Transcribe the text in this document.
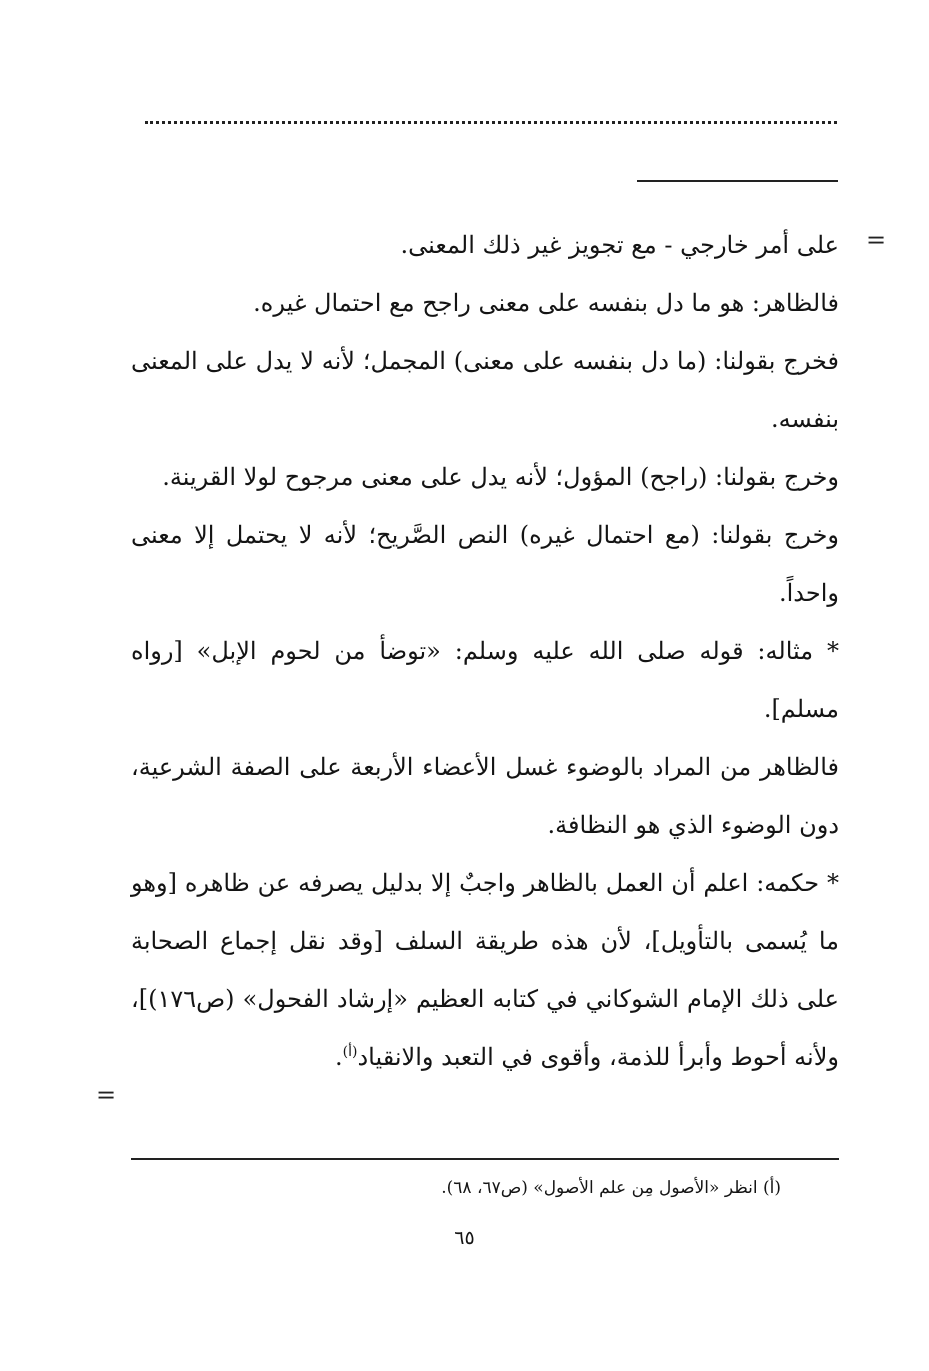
=

على أمر خارجي - مع تجويز غير ذلك المعنى.

فالظاهر: هو ما دل بنفسه على معنى راجح مع احتمال غيره.

فخرج بقولنا: (ما دل بنفسه على معنى) المجمل؛ لأنه لا يدل على المعنى بنفسه.

وخرج بقولنا: (راجح) المؤول؛ لأنه يدل على معنى مرجوح لولا القرينة.

وخرج بقولنا: (مع احتمال غيره) النص الصَّريح؛ لأنه لا يحتمل إلا معنى واحداً.

* مثاله: قوله صلى الله عليه وسلم: «توضأ من لحوم الإبل» [رواه مسلم].

فالظاهر من المراد بالوضوء غسل الأعضاء الأربعة على الصفة الشرعية، دون الوضوء الذي هو النظافة.

* حكمه: اعلم أن العمل بالظاهر واجبٌ إلا بدليل يصرفه عن ظاهره [وهو ما يُسمى بالتأويل]، لأن هذه طريقة السلف [وقد نقل إجماع الصحابة على ذلك الإمام الشوكاني في كتابه العظيم «إرشاد الفحول» (ص١٧٦)]، ولأنه أحوط وأبرأ للذمة، وأقوى في التعبد والانقياد$^{(أ)}$.

=
(أ) انظر «الأصول مِن علم الأصول» (ص٦٧، ٦٨).
٦٥
